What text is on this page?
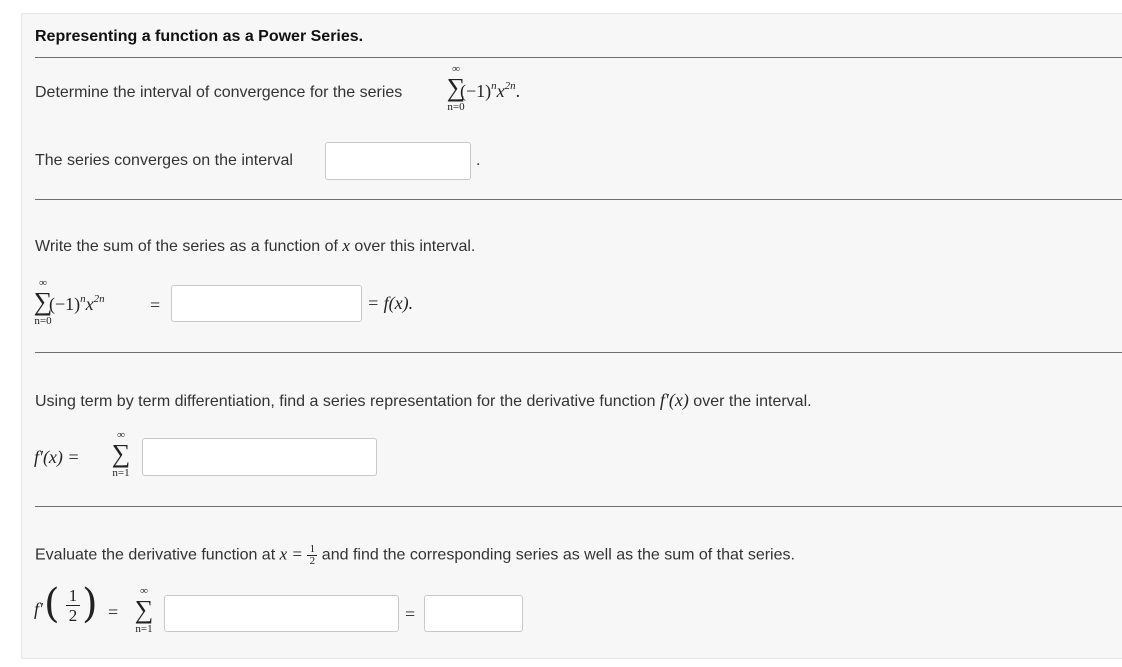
Representing a function as a Power Series.
Determine the interval of convergence for the series
∞
∑
n=0
$(-1)^nx^{2n}$.
The series converges on the interval	.
Write the sum of the series as a function of x over this interval.
∞
∑
n=0
$(-1)^nx^{2n}$	=	= f(x).
Using term by term differentiation, find a series representation for the derivative function f′(x) over the interval.
f′(x) =
∞
∑
n=1
Evaluate the derivative function at $x = \frac{1}{2}$ and find the corresponding series as well as the sum of that series.
f′ ( $\frac{1}{2}$ ) =
∞
∑
n=1
=
